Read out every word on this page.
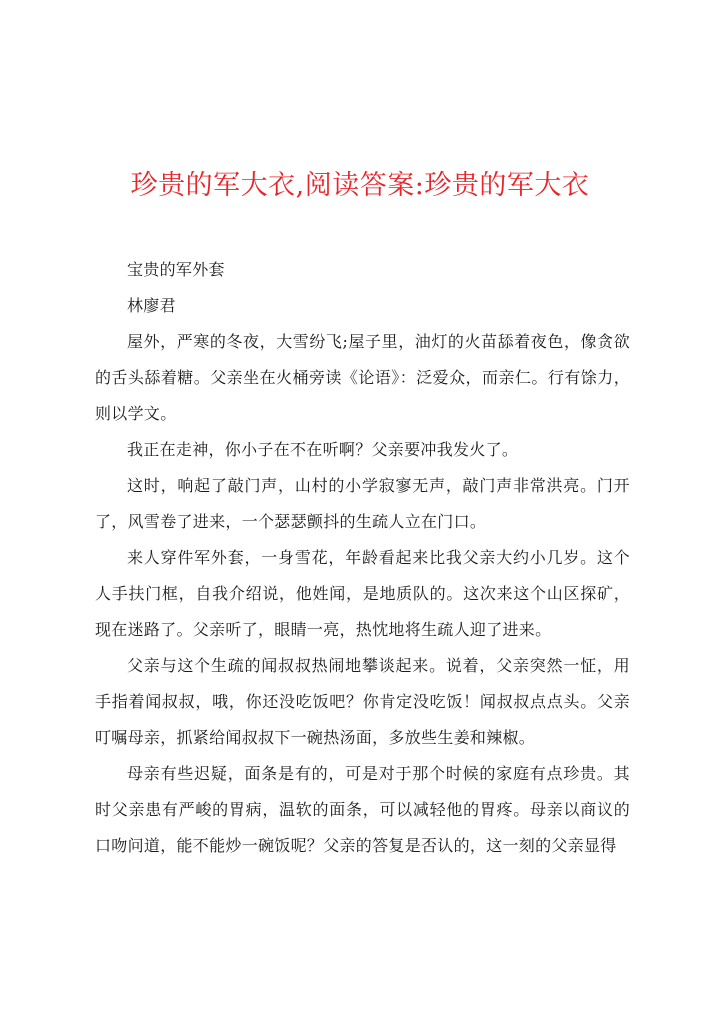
珍贵的军大衣,阅读答案:珍贵的军大衣

宝贵的军外套

林廖君

屋外，严寒的冬夜，大雪纷飞;屋子里，油灯的火苗舔着夜色，像贪欲的舌头舔着糖。父亲坐在火桶旁读《论语》：泛爱众，而亲仁。行有馀力，则以学文。

我正在走神，你小子在不在听啊？父亲要冲我发火了。

这时，响起了敲门声，山村的小学寂寥无声，敲门声非常洪亮。门开了，风雪卷了进来，一个瑟瑟颤抖的生疏人立在门口。

来人穿件军外套，一身雪花，年龄看起来比我父亲大约小几岁。这个人手扶门框，自我介绍说，他姓闻，是地质队的。这次来这个山区探矿，现在迷路了。父亲听了，眼睛一亮，热忱地将生疏人迎了进来。

父亲与这个生疏的闻叔叔热闹地攀谈起来。说着，父亲突然一怔，用手指着闻叔叔，哦，你还没吃饭吧？你肯定没吃饭！闻叔叔点点头。父亲叮嘱母亲，抓紧给闻叔叔下一碗热汤面，多放些生姜和辣椒。

母亲有些迟疑，面条是有的，可是对于那个时候的家庭有点珍贵。其时父亲患有严峻的胃病，温软的面条，可以减轻他的胃疼。母亲以商议的口吻问道，能不能炒一碗饭呢？父亲的答复是否认的，这一刻的父亲显得
